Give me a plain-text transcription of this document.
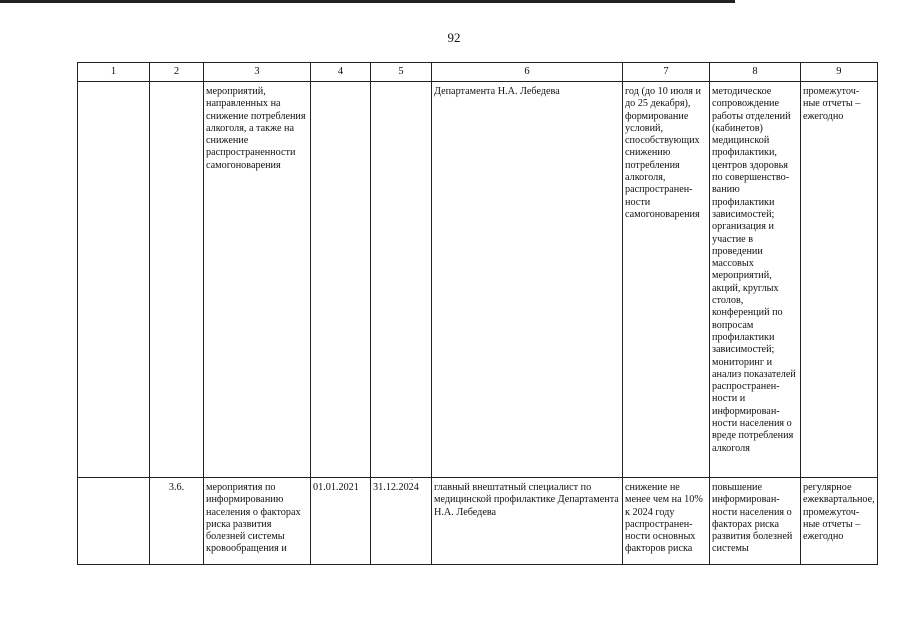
92
1	2	3	4	5	6	7	8	9
		мероприятий, направленных на снижение потребления алкоголя, а также на снижение распространенности самогоноварения			Департамента Н.А. Лебедева	год (до 10 июля и до 25 декабря), формирование условий, способствующих снижению потребления алкоголя, распространен-ности самогоноварения	методическое сопровождение работы отделений (кабинетов) медицинской профилактики, центров здоровья по совершенство-ванию профилактики зависимостей; организация и участие в проведении массовых мероприятий, акций, круглых столов, конференций по вопросам профилактики зависимостей; мониторинг и анализ показателей распространен-ности и информирован-ности населения о вреде потребления алкоголя	промежуточ-ные отчеты – ежегодно
	3.6.	мероприятия по информированию населения о факторах риска развития болезней системы кровообращения и	01.01.2021	31.12.2024	главный внештатный специалист по медицинской профилактике Департамента Н.А. Лебедева	снижение не менее чем на 10% к 2024 году распространен-ности основных факторов риска	повышение информирован-ности населения о факторах риска развития болезней системы	регулярное ежеквартальное, промежуточ-ные отчеты – ежегодно
·
